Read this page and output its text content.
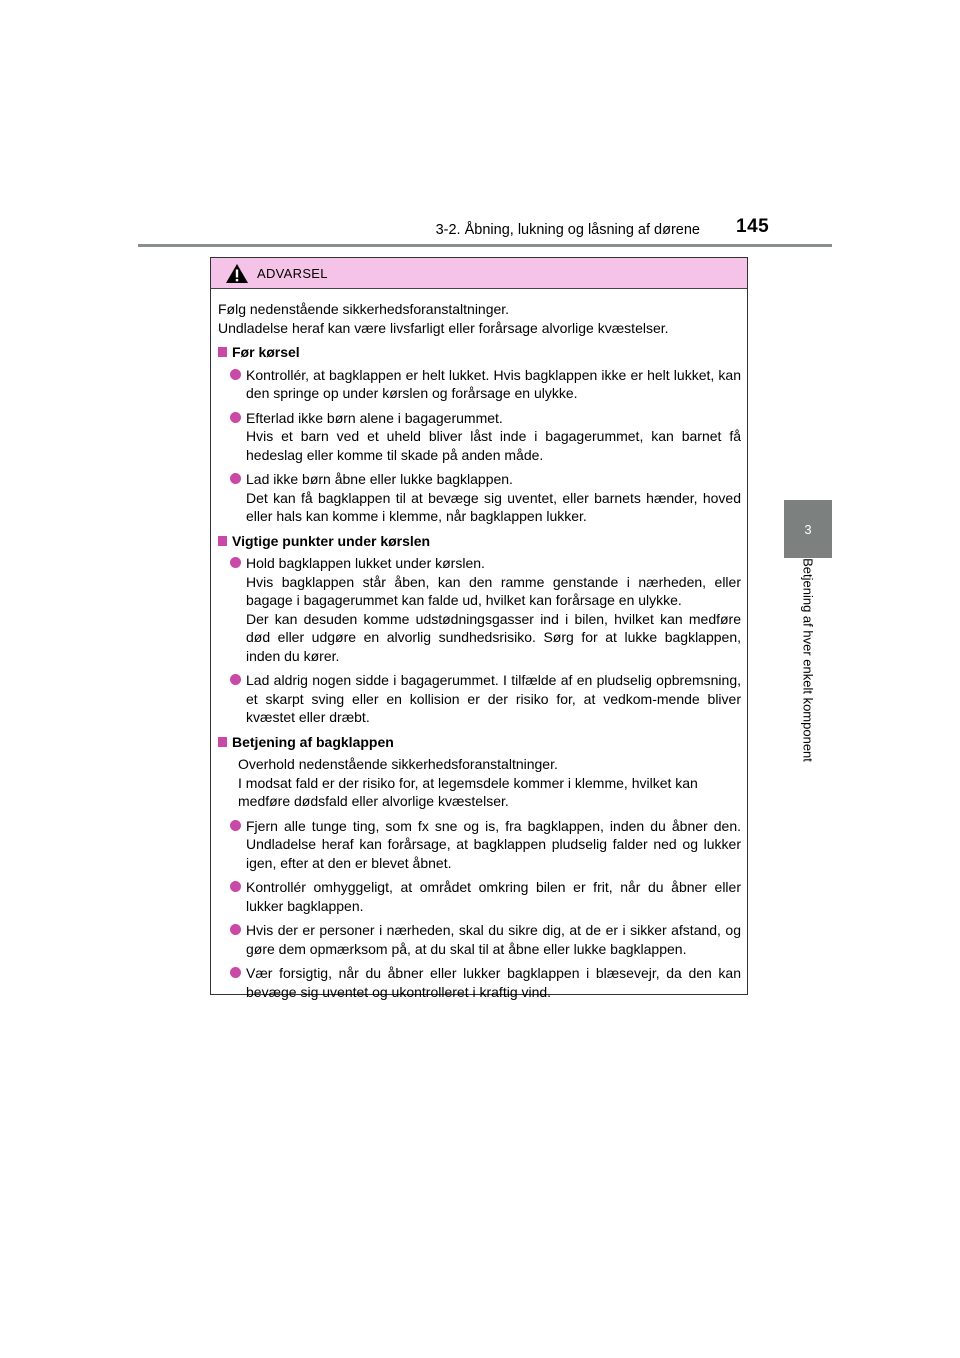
3-2. Åbning, lukning og låsning af dørene 145
3
Betjening af hver enkelt komponent
ADVARSEL

Følg nedenstående sikkerhedsforanstaltninger.
Undladelse heraf kan være livsfarligt eller forårsage alvorlige kvæstelser.

Før kørsel
Kontrollér, at bagklappen er helt lukket. Hvis bagklappen ikke er helt lukket, kan den springe op under kørslen og forårsage en ulykke.
Efterlad ikke børn alene i bagagerummet.
Hvis et barn ved et uheld bliver låst inde i bagagerummet, kan barnet få hedeslag eller komme til skade på anden måde.
Lad ikke børn åbne eller lukke bagklappen.
Det kan få bagklappen til at bevæge sig uventet, eller barnets hænder, hoved eller hals kan komme i klemme, når bagklappen lukker.
Vigtige punkter under kørslen
Hold bagklappen lukket under kørslen.
Hvis bagklappen står åben, kan den ramme genstande i nærheden, eller bagage i bagagerummet kan falde ud, hvilket kan forårsage en ulykke.
Der kan desuden komme udstødningsgasser ind i bilen, hvilket kan medføre død eller udgøre en alvorlig sundhedsrisiko. Sørg for at lukke bagklappen, inden du kører.
Lad aldrig nogen sidde i bagagerummet. I tilfælde af en pludselig opbremsning, et skarpt sving eller en kollision er der risiko for, at vedkom-mende bliver kvæstet eller dræbt.
Betjening af bagklappen
Overhold nedenstående sikkerhedsforanstaltninger.
I modsat fald er der risiko for, at legemsdele kommer i klemme, hvilket kan medføre dødsfald eller alvorlige kvæstelser.
Fjern alle tunge ting, som fx sne og is, fra bagklappen, inden du åbner den. Undladelse heraf kan forårsage, at bagklappen pludselig falder ned og lukker igen, efter at den er blevet åbnet.
Kontrollér omhyggeligt, at området omkring bilen er frit, når du åbner eller lukker bagklappen.
Hvis der er personer i nærheden, skal du sikre dig, at de er i sikker afstand, og gøre dem opmærksom på, at du skal til at åbne eller lukke bagklappen.
Vær forsigtig, når du åbner eller lukker bagklappen i blæsevejr, da den kan bevæge sig uventet og ukontrolleret i kraftig vind.
